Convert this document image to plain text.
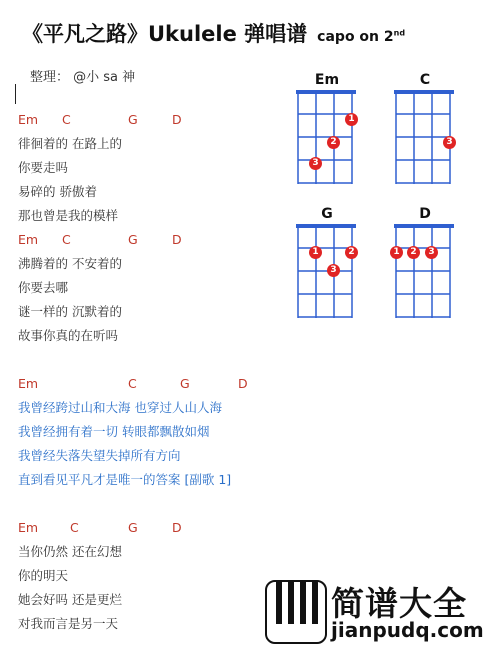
《平凡之路》Ukulele 弹唱谱 capo on 2nd
整理： @小 sa 神
Em C	G	D
徘徊着的 在路上的
你要走吗
易碎的 骄傲着
那也曾是我的模样
Em C	G	D
沸腾着的 不安着的
你要去哪
谜一样的 沉默着的
故事你真的在听吗
Em	C	G	D
我曾经跨过山和大海 也穿过人山人海
我曾经拥有着一切 转眼都飘散如烟
我曾经失落失望失掉所有方向
直到看见平凡才是唯一的答案 [副歌 1]
Em	C	G	D
当你仍然 还在幻想
你的明天
她会好吗 还是更烂
对我而言是另一天
Em
1
2
3
C
3
G
1	2
3
D
1	2	3
简谱大全
jianpudq.com
